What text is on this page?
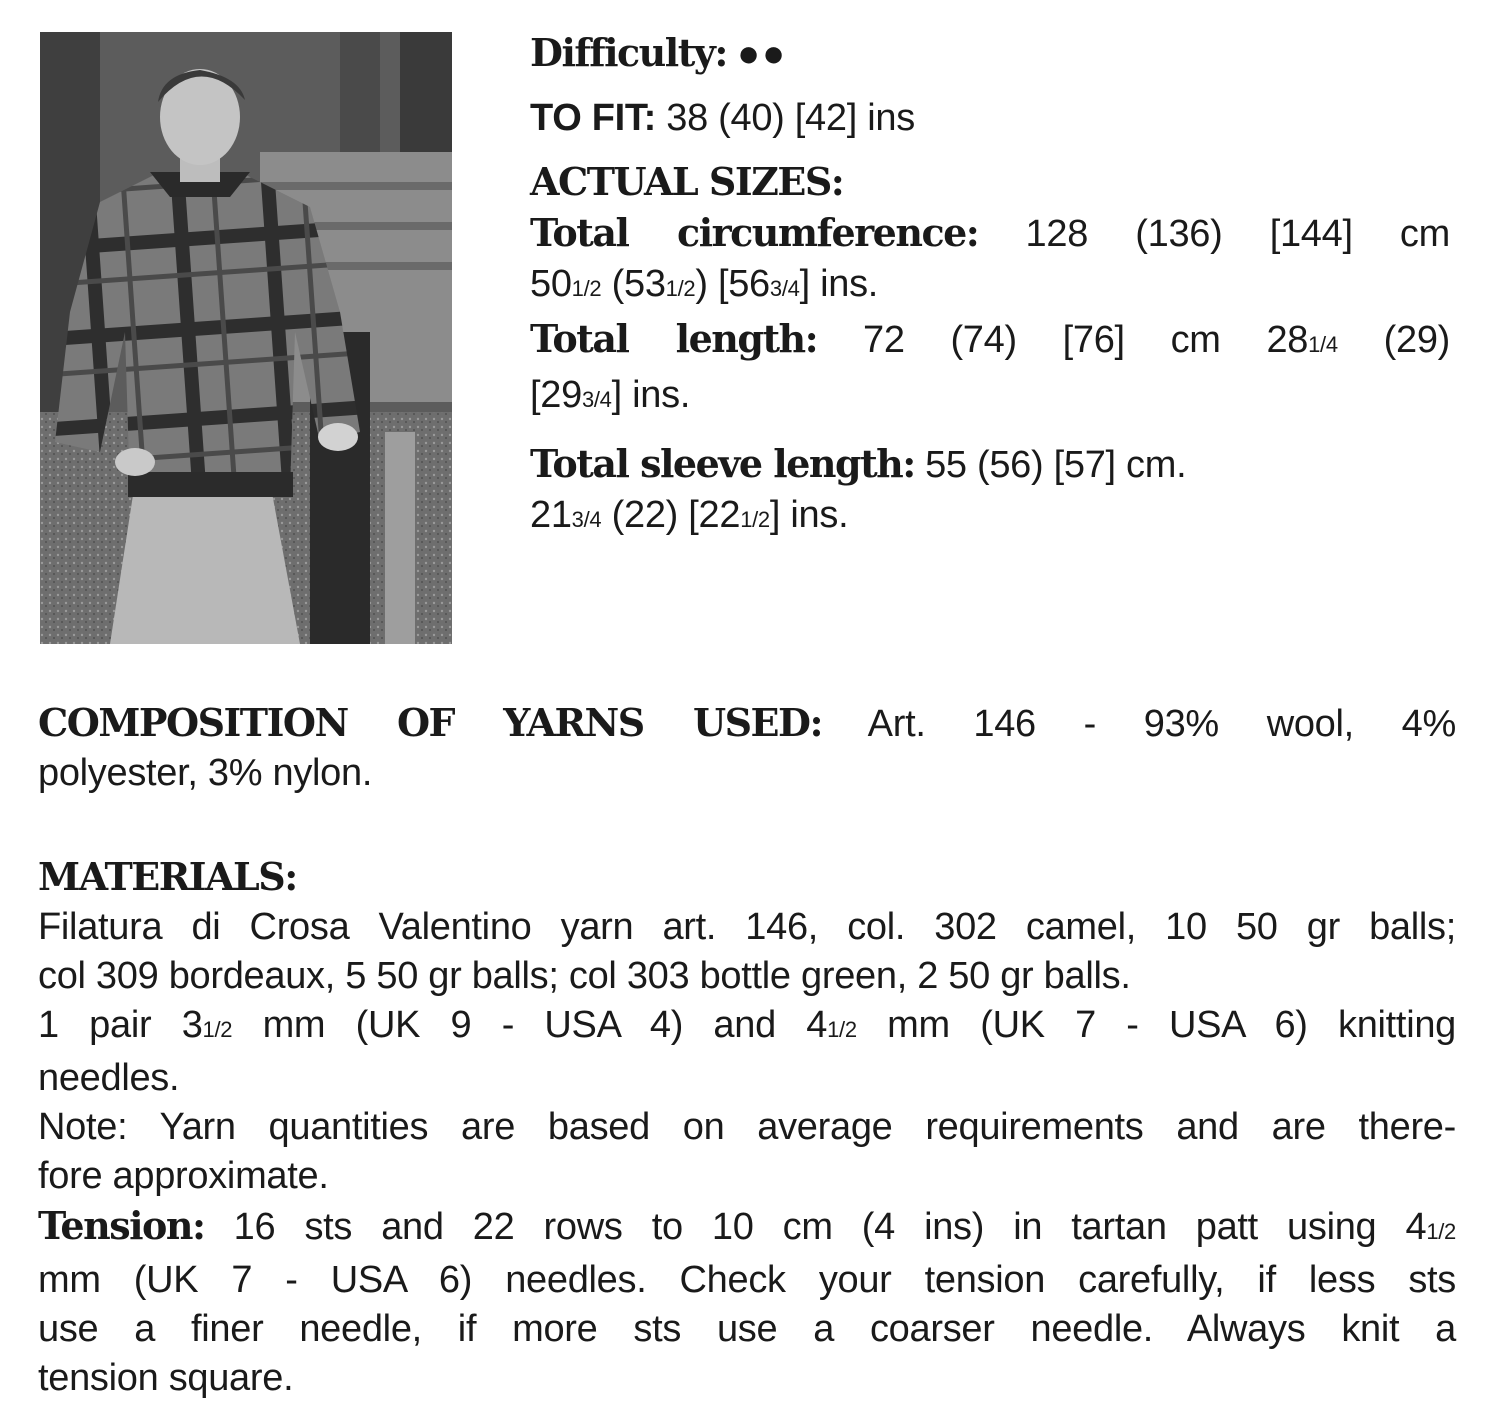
Difficulty: ●●
TO FIT: 38 (40) [42] ins
ACTUAL SIZES:
Total circumference: 128 (136) [144] cm
501/2 (531/2) [563/4] ins.
Total length: 72 (74) [76] cm 281/4 (29)
[293/4] ins.
Total sleeve length: 55 (56) [57] cm.
213/4 (22) [221/2] ins.
COMPOSITION OF YARNS USED: Art. 146 - 93% wool, 4%
polyester, 3% nylon.
MATERIALS:
Filatura di Crosa Valentino yarn art. 146, col. 302 camel, 10 50 gr balls;
col 309 bordeaux, 5 50 gr balls; col 303 bottle green, 2 50 gr balls.
1 pair 31/2 mm (UK 9 - USA 4) and 41/2 mm (UK 7 - USA 6) knitting
needles.
Note: Yarn quantities are based on average requirements and are there-
fore approximate.
Tension: 16 sts and 22 rows to 10 cm (4 ins) in tartan patt using 41/2
mm (UK 7 - USA 6) needles. Check your tension carefully, if less sts
use a finer needle, if more sts use a coarser needle. Always knit a
tension square.
